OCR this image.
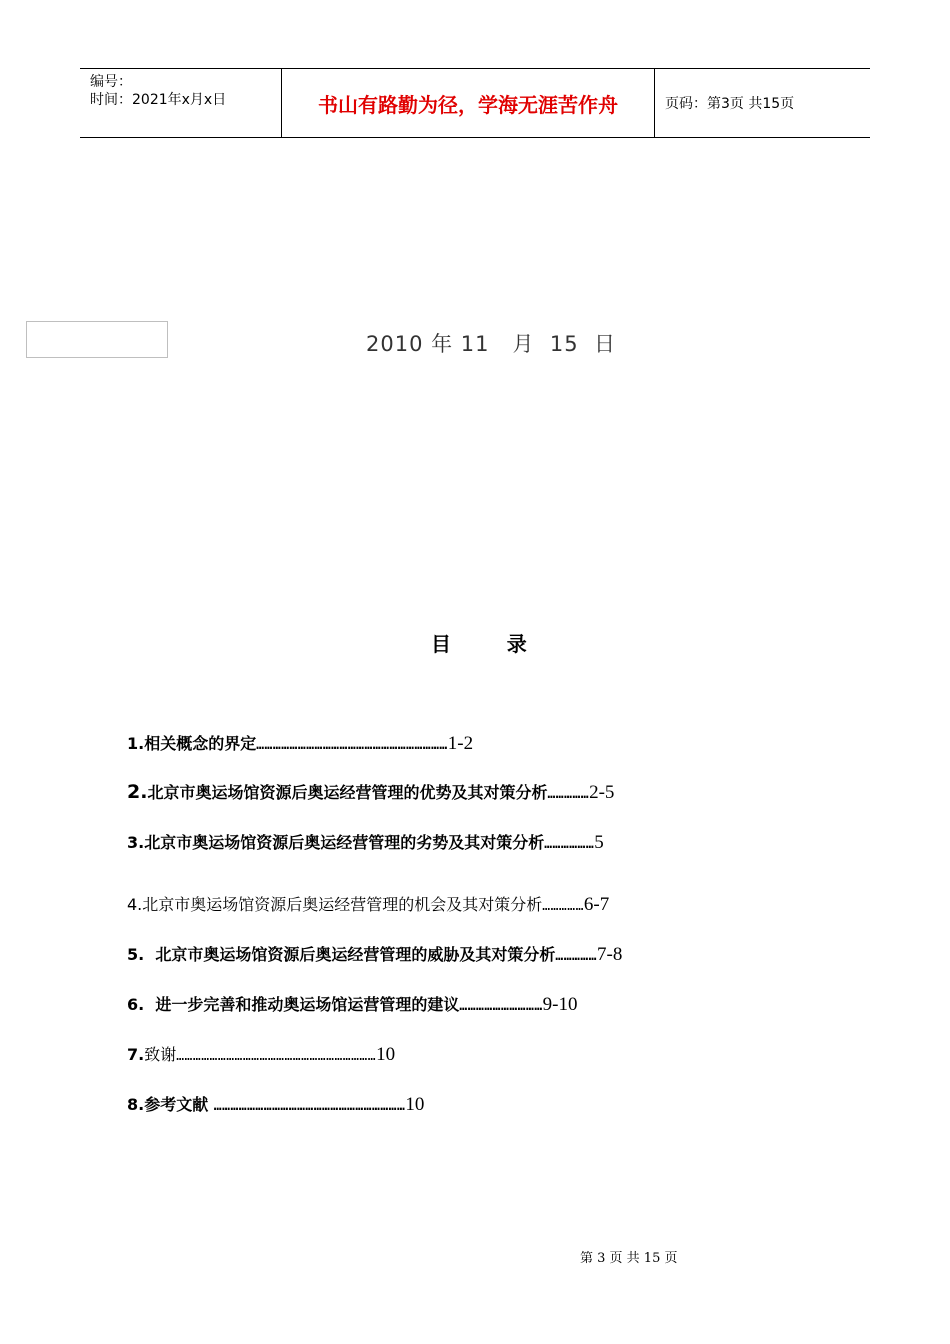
编号：
时间：2021年x月x日	书山有路勤为径，学海无涯苦作舟	页码：第3页 共15页
2010 年 11   月  15  日
目        录
1. 相关概念的界定 …………………………………………………………… 1-2
2. 北京市奥运场馆资源后奥运经营管理的优势及其对策分析 …………… 2-5
3. 北京市奥运场馆资源后奥运经营管理的劣势及其对策分析 ……………… 5
4. 北京市奥运场馆资源后奥运经营管理的机会及其对策分析 …………… 6-7
5. 北京市奥运场馆资源后奥运经营管理的威胁及其对策分析 …………… 7-8
6. 进一步完善和推动奥运场馆运营管理的建议 ………………………… 9-10
7. 致谢 ……………………………………………………………… 10
8. 参考文献 …………………………………………………………… 10
第 3 页 共 15 页
